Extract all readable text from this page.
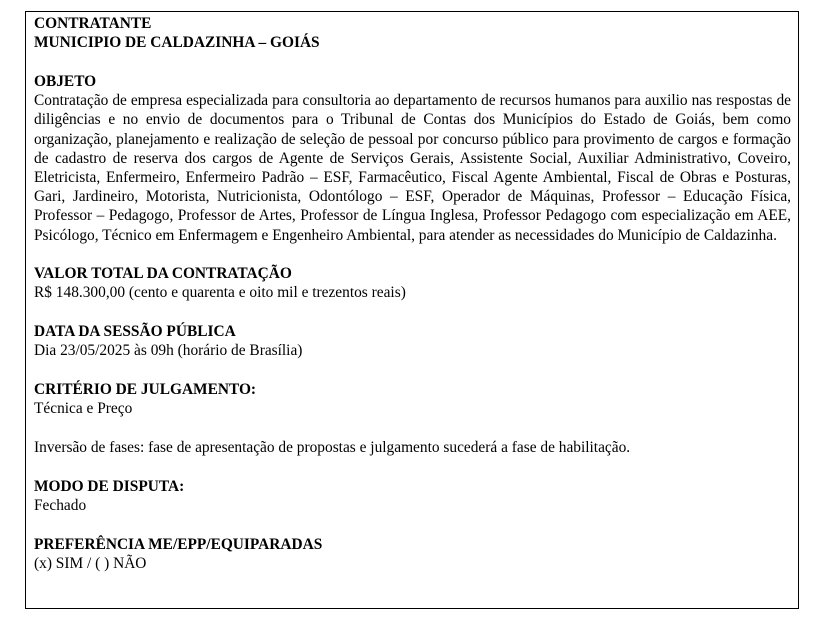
CONTRATANTE

MUNICIPIO DE CALDAZINHA – GOIÁS

OBJETO

Contratação de empresa especializada para consultoria ao departamento de recursos humanos para auxilio nas respostas de diligências e no envio de documentos para o Tribunal de Contas dos Municípios do Estado de Goiás, bem como organização, planejamento e realização de seleção de pessoal por concurso público para provimento de cargos e formação de cadastro de reserva dos cargos de Agente de Serviços Gerais, Assistente Social, Auxiliar Administrativo, Coveiro, Eletricista, Enfermeiro, Enfermeiro Padrão – ESF, Farmacêutico, Fiscal Agente Ambiental, Fiscal de Obras e Posturas, Gari, Jardineiro, Motorista, Nutricionista, Odontólogo – ESF, Operador de Máquinas, Professor – Educação Física, Professor – Pedagogo, Professor de Artes, Professor de Língua Inglesa, Professor Pedagogo com especialização em AEE, Psicólogo, Técnico em Enfermagem e Engenheiro Ambiental, para atender as necessidades do Município de Caldazinha.

VALOR TOTAL DA CONTRATAÇÃO

R$ 148.300,00 (cento e quarenta e oito mil e trezentos reais)

DATA DA SESSÃO PÚBLICA

Dia 23/05/2025 às 09h (horário de Brasília)

CRITÉRIO DE JULGAMENTO:

Técnica e Preço

Inversão de fases: fase de apresentação de propostas e julgamento sucederá a fase de habilitação.

MODO DE DISPUTA:

Fechado

PREFERÊNCIA ME/EPP/EQUIPARADAS

(x) SIM / ( ) NÃO
